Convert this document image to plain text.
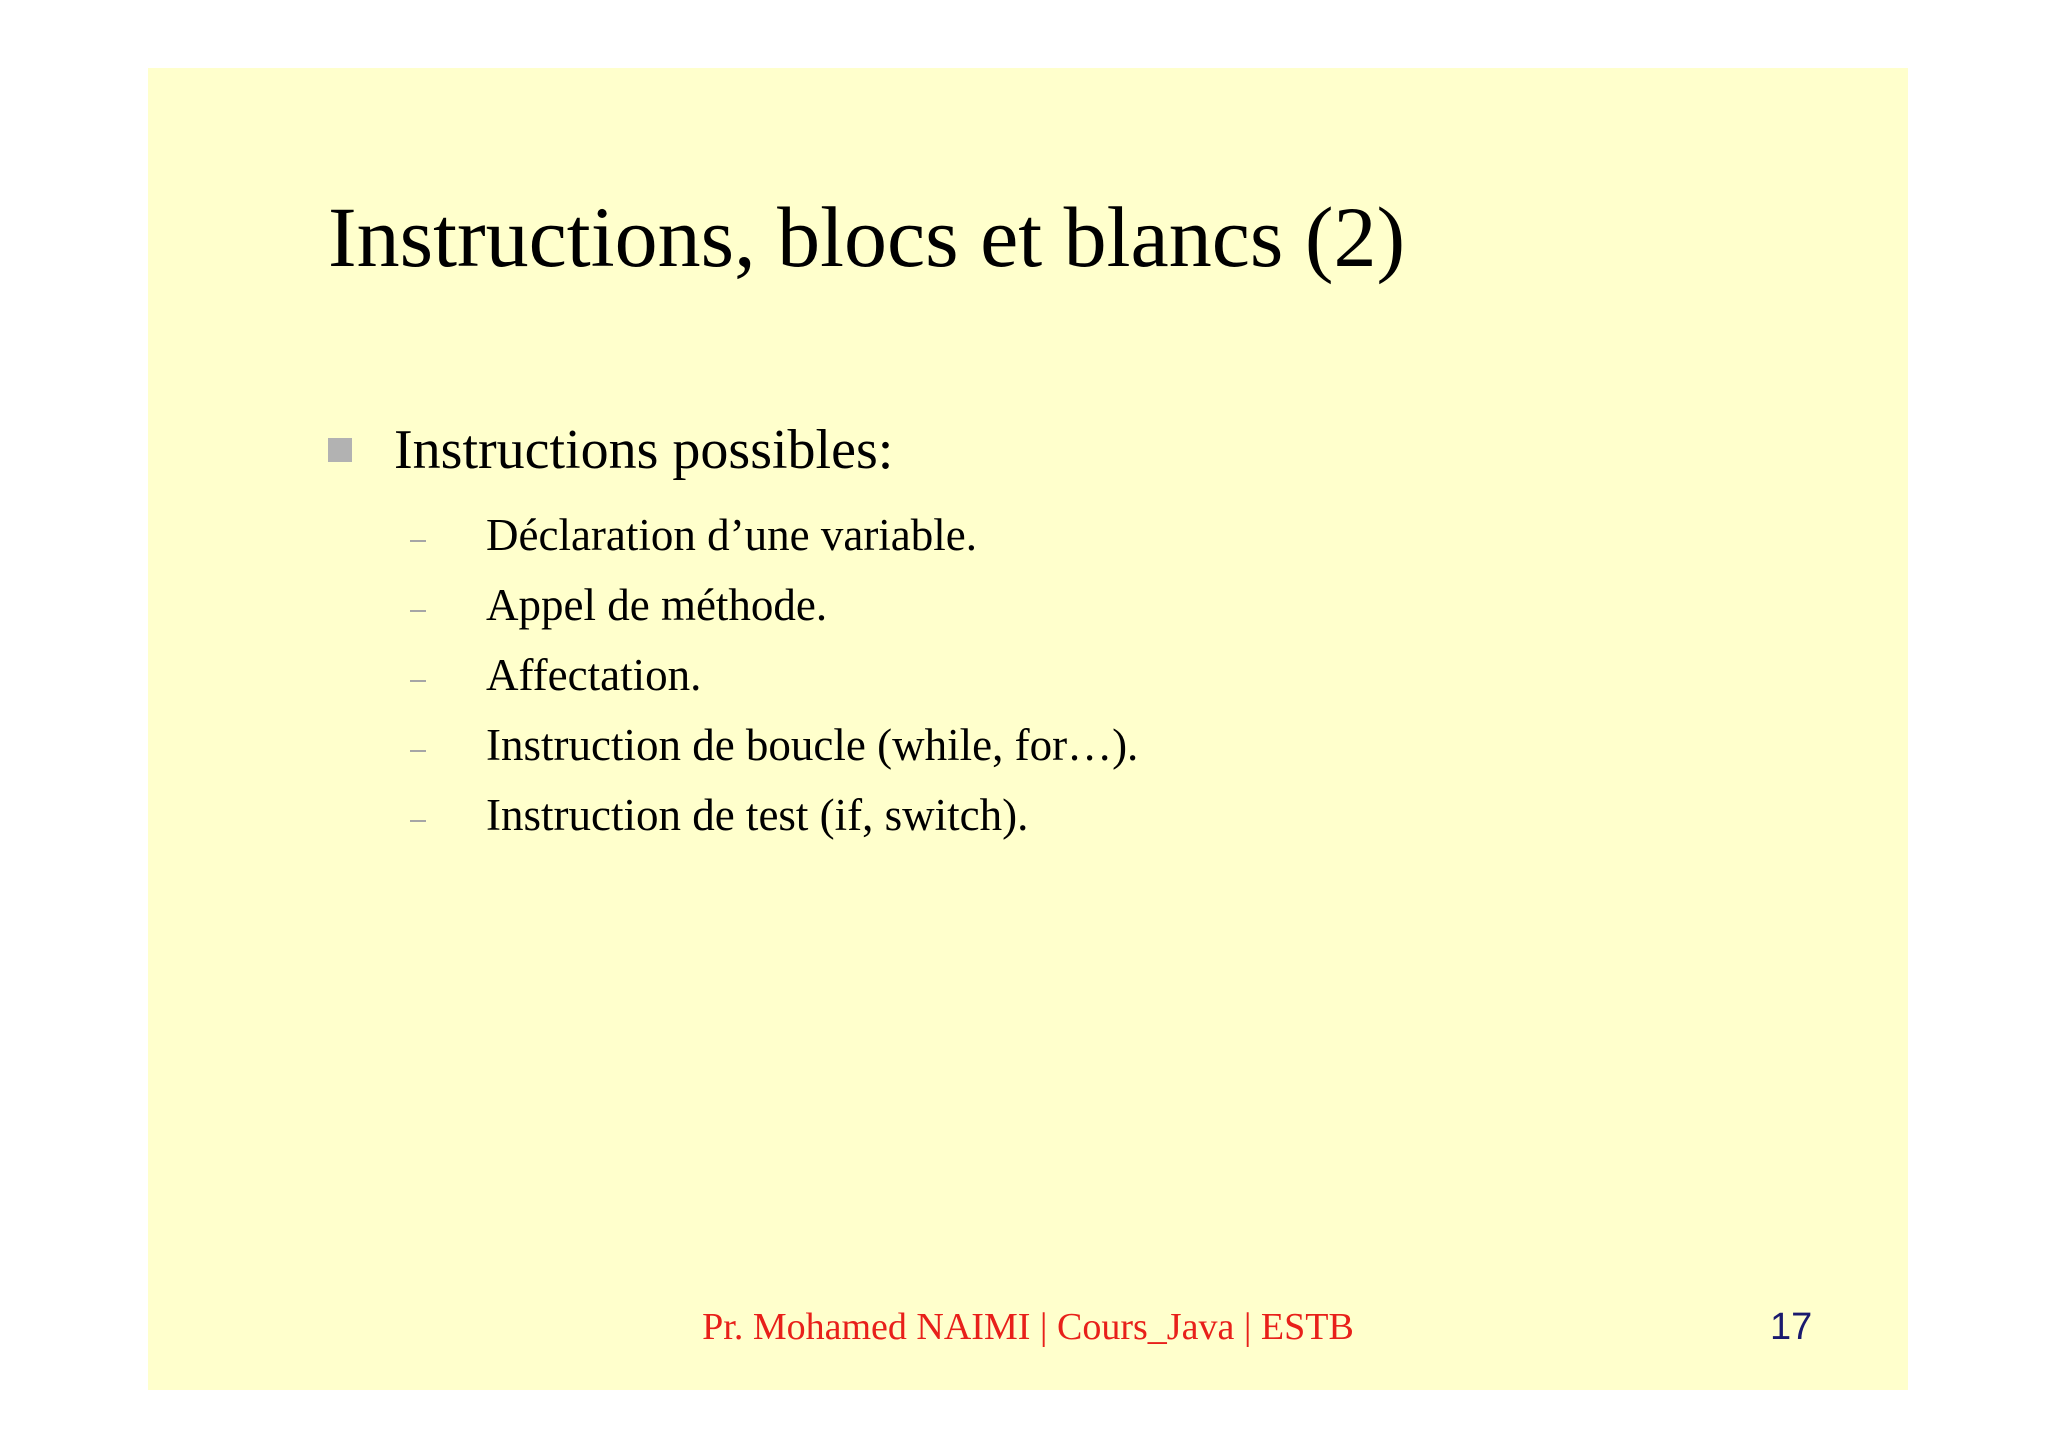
Instructions, blocs et blancs (2)
Instructions possibles:
Déclaration d’une variable.
Appel de méthode.
Affectation.
Instruction de boucle (while, for…).
Instruction de test (if, switch).
Pr. Mohamed NAIMI | Cours_Java | ESTB	17
